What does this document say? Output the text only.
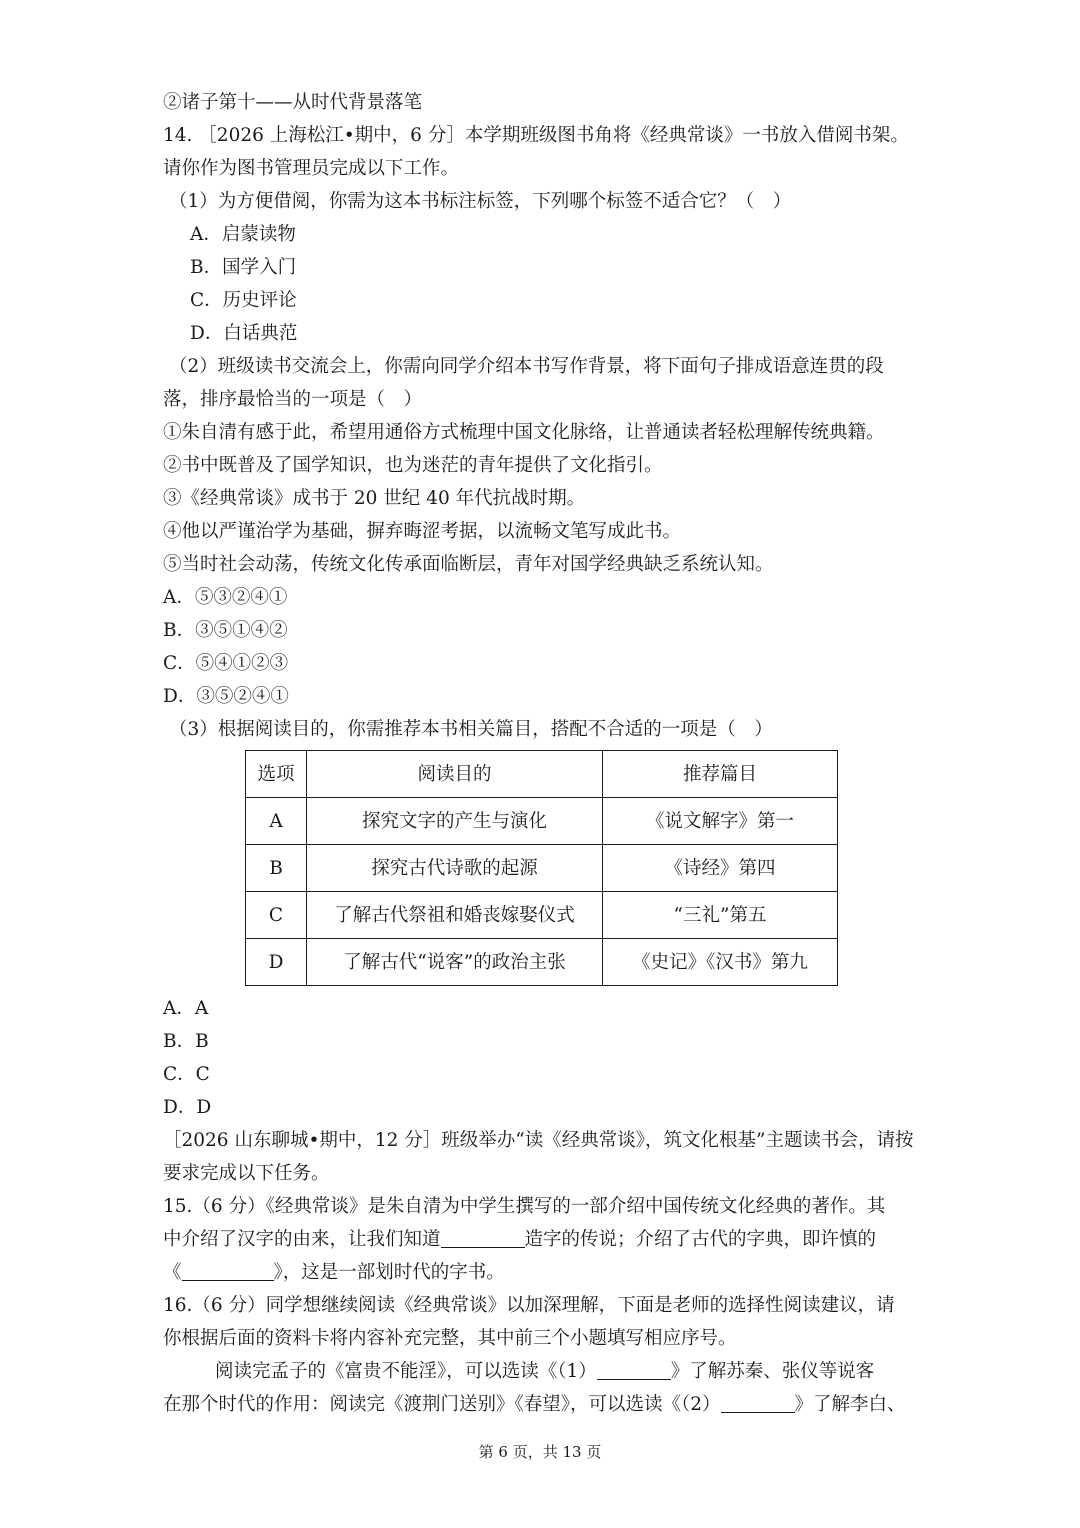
②诸子第十——从时代背景落笔

14. ［2026 上海松江•期中，6 分］本学期班级图书角将《经典常谈》一书放入借阅书架。

请你作为图书管理员完成以下工作。

（1）为方便借阅，你需为这本书标注标签，下列哪个标签不适合它？（　）

A．启蒙读物

B．国学入门

C．历史评论

D．白话典范

（2）班级读书交流会上，你需向同学介绍本书写作背景，将下面句子排成语意连贯的段

落，排序最恰当的一项是（　）

①朱自清有感于此，希望用通俗方式梳理中国文化脉络，让普通读者轻松理解传统典籍。

②书中既普及了国学知识，也为迷茫的青年提供了文化指引。

③《经典常谈》成书于 20 世纪 40 年代抗战时期。

④他以严谨治学为基础，摒弃晦涩考据，以流畅文笔写成此书。

⑤当时社会动荡，传统文化传承面临断层，青年对国学经典缺乏系统认知。

A．⑤③②④①

B．③⑤①④②

C．⑤④①②③

D．③⑤②④①

（3）根据阅读目的，你需推荐本书相关篇目，搭配不合适的一项是（　）

选项	阅读目的	推荐篇目
A	探究文字的产生与演化	《说文解字》第一
B	探究古代诗歌的起源	《诗经》第四
C	了解古代祭祖和婚丧嫁娶仪式	“三礼”第五
D	了解古代“说客”的政治主张	《史记》《汉书》第九

A．A

B．B

C．C

D．D

［2026 山东聊城•期中，12 分］班级举办“读《经典常谈》，筑文化根基”主题读书会，请按

要求完成以下任务。

15.（6 分）《经典常谈》是朱自清为中学生撰写的一部介绍中国传统文化经典的著作。其

中介绍了汉字的由来，让我们知道	造字的传说；介绍了古代的字典，即许慎的

《	》，这是一部划时代的字书。

16.（6 分）同学想继续阅读《经典常谈》以加深理解，下面是老师的选择性阅读建议，请

你根据后面的资料卡将内容补充完整，其中前三个小题填写相应序号。

阅读完孟子的《富贵不能淫》，可以选读《（1）	》了解苏秦、张仪等说客

在那个时代的作用：阅读完《渡荆门送别》《春望》，可以选读《（2）	》了解李白、

第 6 页，共 13 页
